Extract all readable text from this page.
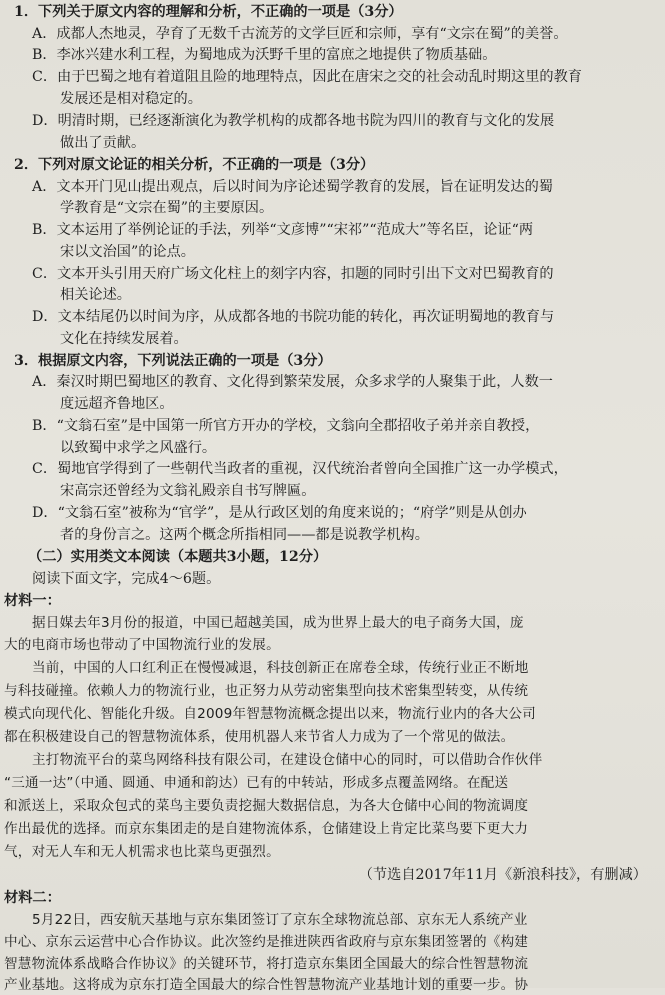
1．下列关于原文内容的理解和分析，不正确的一项是（3分）
A．成都人杰地灵，孕育了无数千古流芳的文学巨匠和宗师，享有“文宗在蜀”的美誉。
B．李冰兴建水利工程，为蜀地成为沃野千里的富庶之地提供了物质基础。
C．由于巴蜀之地有着道阻且险的地理特点，因此在唐宋之交的社会动乱时期这里的教育
发展还是相对稳定的。
D．明清时期，已经逐渐演化为教学机构的成都各地书院为四川的教育与文化的发展
做出了贡献。
2．下列对原文论证的相关分析，不正确的一项是（3分）
A．文本开门见山提出观点，后以时间为序论述蜀学教育的发展，旨在证明发达的蜀
学教育是“文宗在蜀”的主要原因。
B．文本运用了举例论证的手法，列举“文彦博”“宋祁”“范成大”等名臣，论证“两
宋以文治国”的论点。
C．文本开头引用天府广场文化柱上的刻字内容，扣题的同时引出下文对巴蜀教育的
相关论述。
D．文本结尾仍以时间为序，从成都各地的书院功能的转化，再次证明蜀地的教育与
文化在持续发展着。
3．根据原文内容，下列说法正确的一项是（3分）
A．秦汉时期巴蜀地区的教育、文化得到繁荣发展，众多求学的人聚集于此，人数一
度远超齐鲁地区。
B．“文翁石室”是中国第一所官方开办的学校，文翁向全郡招收子弟并亲自教授，
以致蜀中求学之风盛行。
C．蜀地官学得到了一些朝代当政者的重视，汉代统治者曾向全国推广这一办学模式，
宋高宗还曾经为文翁礼殿亲自书写牌匾。
D．“文翁石室”被称为“官学”，是从行政区划的角度来说的；“府学”则是从创办
者的身份言之。这两个概念所指相同——都是说教学机构。
（二）实用类文本阅读（本题共3小题，12分）
阅读下面文字，完成4～6题。
材料一：
据日媒去年3月份的报道，中国已超越美国，成为世界上最大的电子商务大国，庞
大的电商市场也带动了中国物流行业的发展。
当前，中国的人口红利正在慢慢减退，科技创新正在席卷全球，传统行业正不断地
与科技碰撞。依赖人力的物流行业，也正努力从劳动密集型向技术密集型转变，从传统
模式向现代化、智能化升级。自2009年智慧物流概念提出以来，物流行业内的各大公司
都在积极建设自己的智慧物流体系，使用机器人来节省人力成为了一个常见的做法。
主打物流平台的菜鸟网络科技有限公司，在建设仓储中心的同时，可以借助合作伙伴
“三通一达”（中通、圆通、申通和韵达）已有的中转站，形成多点覆盖网络。在配送
和派送上，采取众包式的菜鸟主要负责挖掘大数据信息，为各大仓储中心间的物流调度
作出最优的选择。而京东集团走的是自建物流体系，仓储建设上肯定比菜鸟要下更大力
气，对无人车和无人机需求也比菜鸟更强烈。
（节选自2017年11月《新浪科技》，有删减）
材料二：
5月22日，西安航天基地与京东集团签订了京东全球物流总部、京东无人系统产业
中心、京东云运营中心合作协议。此次签约是推进陕西省政府与京东集团签署的《构建
智慧物流体系战略合作协议》的关键环节，将打造京东集团全国最大的综合性智慧物流
产业基地。这将成为京东打造全国最大的综合性智慧物流产业基地计划的重要一步。协
